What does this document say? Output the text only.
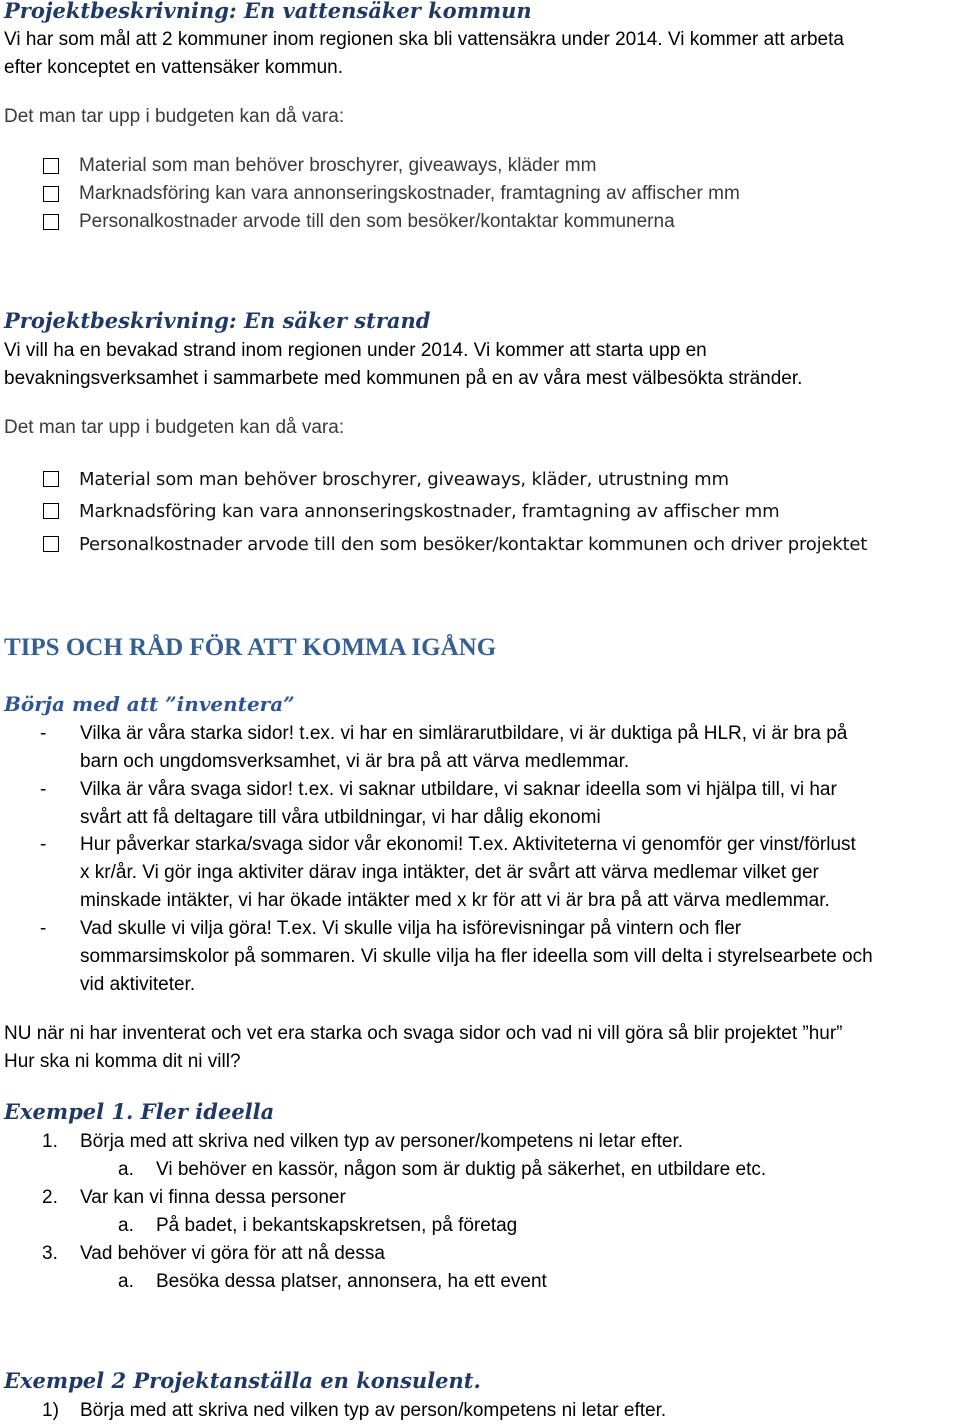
Projektbeskrivning: En vattensäker kommun

Vi har som mål att 2 kommuner inom regionen ska bli vattensäkra under 2014. Vi kommer att arbeta

efter konceptet en vattensäker kommun.

Det man tar upp i budgeten kan då vara:

Material som man behöver broschyrer, giveaways, kläder mm
Marknadsföring kan vara annonseringskostnader, framtagning av affischer mm
Personalkostnader arvode till den som besöker/kontaktar kommunerna
Projektbeskrivning: En säker strand

Vi vill ha en bevakad strand inom regionen under 2014. Vi kommer att starta upp en

bevakningsverksamhet i sammarbete med kommunen på en av våra mest välbesökta stränder.

Det man tar upp i budgeten kan då vara:

Material som man behöver broschyrer, giveaways, kläder, utrustning mm
Marknadsföring kan vara annonseringskostnader, framtagning av affischer mm
Personalkostnader arvode till den som besöker/kontaktar kommunen och driver projektet
TIPS OCH RÅD FÖR ATT KOMMA IGÅNG
Börja med att ”inventera”
- Vilka är våra starka sidor! t.ex. vi har en simlärarutbildare, vi är duktiga på HLR, vi är bra på

barn och ungdomsverksamhet, vi är bra på att värva medlemmar.

- Vilka är våra svaga sidor! t.ex. vi saknar utbildare, vi saknar ideella som vi hjälpa till, vi har

svårt att få deltagare till våra utbildningar, vi har dålig ekonomi

- Hur påverkar starka/svaga sidor vår ekonomi! T.ex. Aktiviteterna vi genomför ger vinst/förlust

x kr/år. Vi gör inga aktiviter därav inga intäkter, det är svårt att värva medlemar vilket ger

minskade intäkter, vi har ökade intäkter med x kr för att vi är bra på att värva medlemmar.

- Vad skulle vi vilja göra! T.ex. Vi skulle vilja ha isförevisningar på vintern och fler

sommarsimskolor på sommaren. Vi skulle vilja ha fler ideella som vill delta i styrelsearbete och

vid aktiviteter.

NU när ni har inventerat och vet era starka och svaga sidor och vad ni vill göra så blir projektet ”hur”

Hur ska ni komma dit ni vill?

Exempel 1. Fler ideella
1. Börja med att skriva ned vilken typ av personer/kompetens ni letar efter.
a. Vi behöver en kassör, någon som är duktig på säkerhet, en utbildare etc.
2. Var kan vi finna dessa personer
a. På badet, i bekantskapskretsen, på företag
3. Vad behöver vi göra för att nå dessa
a. Besöka dessa platser, annonsera, ha ett event
Exempel 2 Projektanställa en konsulent.
1) Börja med att skriva ned vilken typ av person/kompetens ni letar efter.
